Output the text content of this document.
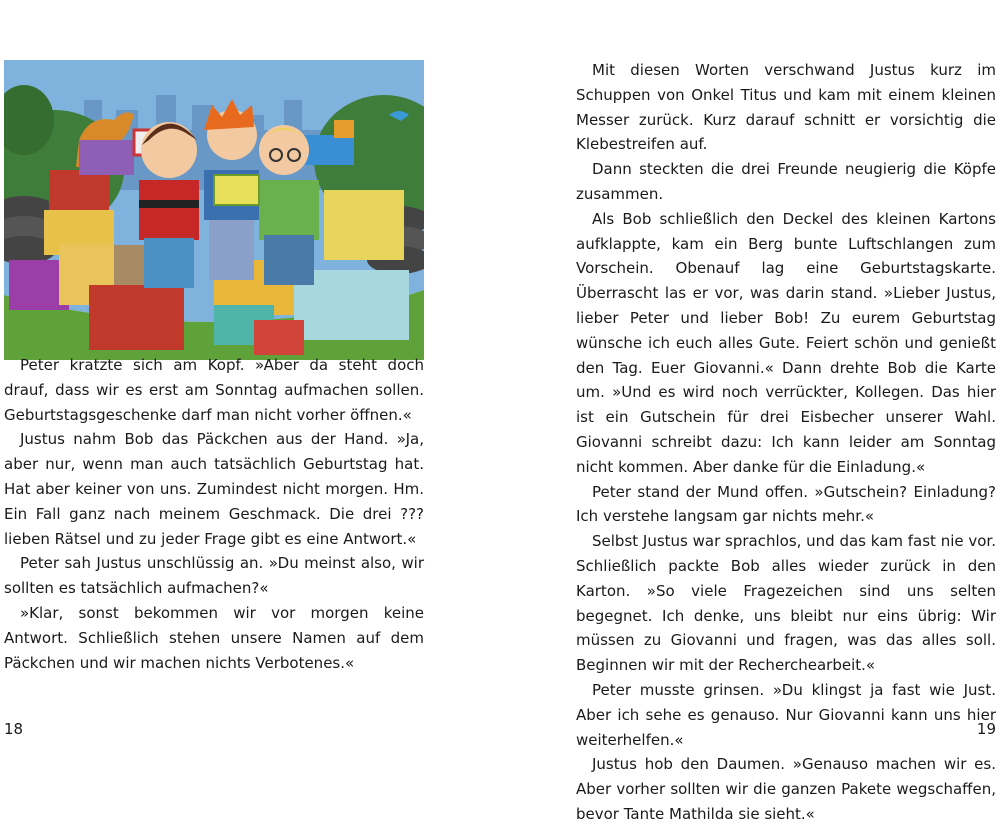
Peter kratzte sich am Kopf. »Aber da steht doch drauf, dass wir es erst am Sonntag aufmachen sollen. Geburtstagsgeschenke darf man nicht vorher öffnen.«

Justus nahm Bob das Päckchen aus der Hand. »Ja, aber nur, wenn man auch tatsächlich Geburtstag hat. Hat aber keiner von uns. Zumindest nicht morgen. Hm. Ein Fall ganz nach meinem Geschmack. Die drei ??? lieben Rätsel und zu jeder Frage gibt es eine Antwort.«

Peter sah Justus unschlüssig an. »Du meinst also, wir sollten es tatsächlich aufmachen?«

»Klar, sonst bekommen wir vor morgen keine Antwort. Schließlich stehen unsere Namen auf dem Päckchen und wir machen nichts Verbotenes.«

18	19

Mit diesen Worten verschwand Justus kurz im Schuppen von Onkel Titus und kam mit einem kleinen Messer zurück. Kurz darauf schnitt er vorsichtig die Klebestreifen auf.

Dann steckten die drei Freunde neugierig die Köpfe zusammen.

Als Bob schließlich den Deckel des kleinen Kartons aufklappte, kam ein Berg bunte Luftschlangen zum Vorschein. Obenauf lag eine Geburtstagskarte. Überrascht las er vor, was darin stand. »Lieber Justus, lieber Peter und lieber Bob! Zu eurem Geburtstag wünsche ich euch alles Gute. Feiert schön und genießt den Tag. Euer Giovanni.« Dann drehte Bob die Karte um. »Und es wird noch verrückter, Kollegen. Das hier ist ein Gutschein für drei Eisbecher unserer Wahl. Giovanni schreibt dazu: Ich kann leider am Sonntag nicht kommen. Aber danke für die Einladung.«

Peter stand der Mund offen. »Gutschein? Einladung? Ich verstehe langsam gar nichts mehr.«

Selbst Justus war sprachlos, und das kam fast nie vor. Schließlich packte Bob alles wieder zurück in den Karton. »So viele Fragezeichen sind uns selten begegnet. Ich denke, uns bleibt nur eins übrig: Wir müssen zu Giovanni und fragen, was das alles soll. Beginnen wir mit der Recherchearbeit.«

Peter musste grinsen. »Du klingst ja fast wie Just. Aber ich sehe es genauso. Nur Giovanni kann uns hier weiterhelfen.«

Justus hob den Daumen. »Genauso machen wir es. Aber vorher sollten wir die ganzen Pakete wegschaffen, bevor Tante Mathilda sie sieht.«
